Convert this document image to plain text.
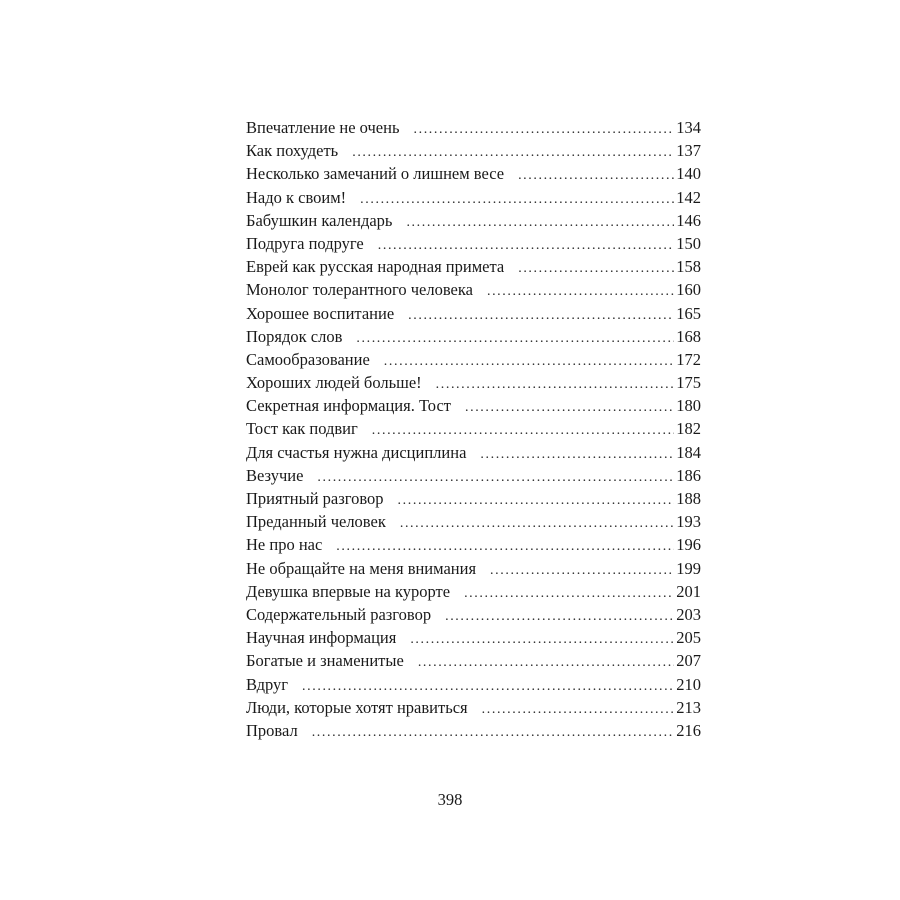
Впечатление не очень .....	134
Как похудеть .....	137
Несколько замечаний о лишнем весе .....	140
Надо к своим! .....	142
Бабушкин календарь .....	146
Подруга подруге .....	150
Еврей как русская народная примета .....	158
Монолог толерантного человека .....	160
Хорошее воспитание .....	165
Порядок слов .....	168
Самообразование .....	172
Хороших людей больше! .....	175
Секретная информация. Тост .....	180
Тост как подвиг .....	182
Для счастья нужна дисциплина .....	184
Везучие .....	186
Приятный разговор .....	188
Преданный человек .....	193
Не про нас .....	196
Не обращайте на меня внимания .....	199
Девушка впервые на курорте .....	201
Содержательный разговор .....	203
Научная информация .....	205
Богатые и знаменитые .....	207
Вдруг .....	210
Люди, которые хотят нравиться .....	213
Провал .....	216
398
